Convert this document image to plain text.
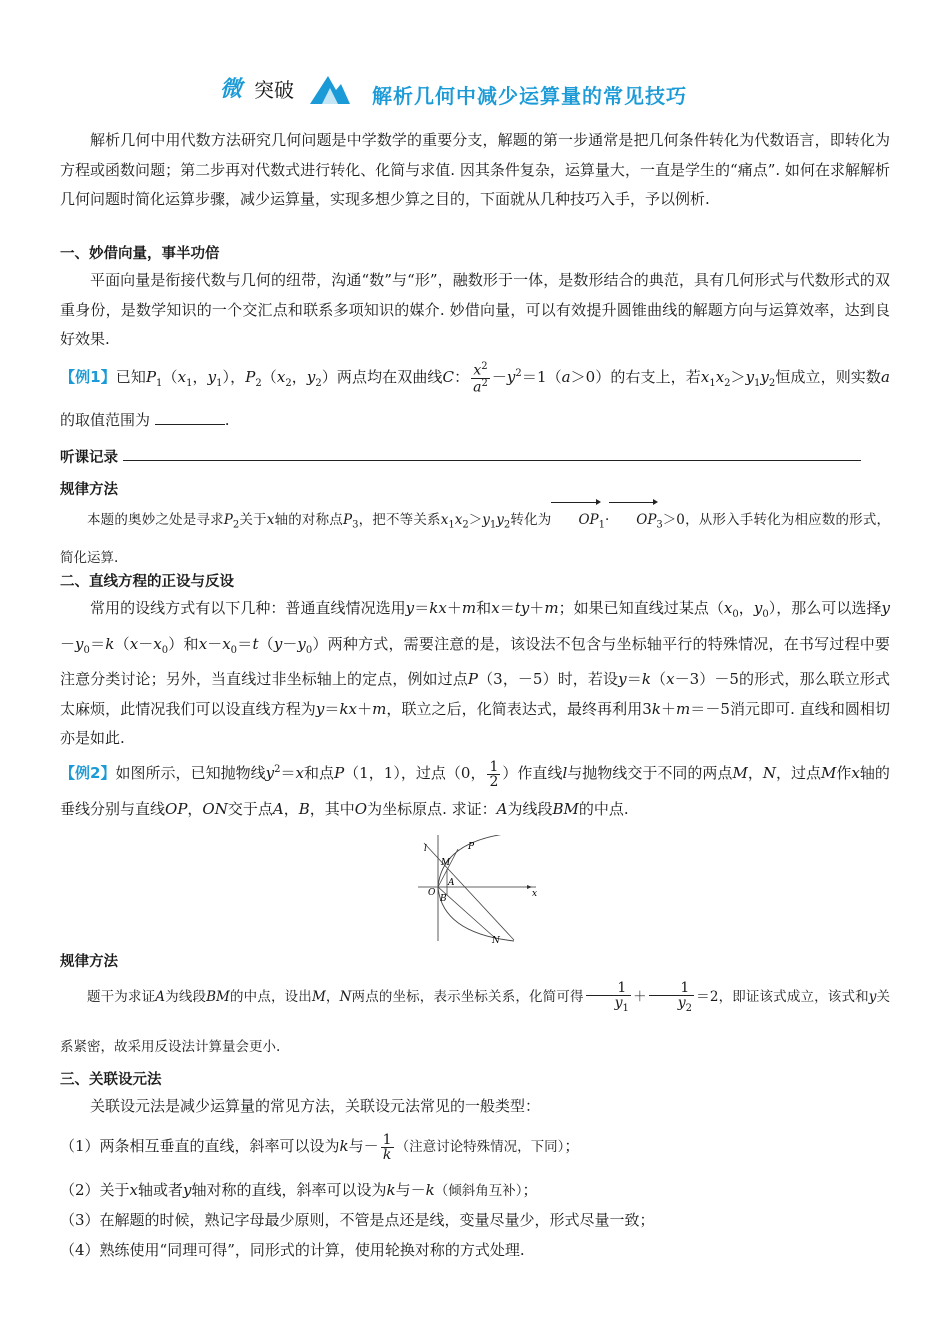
微 突破	解析几何中减少运算量的常见技巧
解析几何中用代数方法研究几何问题是中学数学的重要分支，解题的第一步通常是把几何条件转化为代数语言，即转化为方程或函数问题；第二步再对代数式进行转化、化简与求值. 因其条件复杂，运算量大，一直是学生的“痛点”. 如何在求解解析几何问题时简化运算步骤，减少运算量，实现多想少算之目的，下面就从几种技巧入手，予以例析.
一、妙借向量，事半功倍
平面向量是衔接代数与几何的纽带，沟通“数”与“形”，融数形于一体，是数形结合的典范，具有几何形式与代数形式的双重身份，是数学知识的一个交汇点和联系多项知识的媒介. 妙借向量，可以有效提升圆锥曲线的解题方向与运算效率，达到良好效果.
【例1】已知$P_1(x_1$，$y_1$），$P_2(x_2$，$y_2$）两点均在双曲线C： $\frac{x^2}{a^2} -y^2=1(a>0)$的右支上，若$x_1x_2>y_1y_2$恒成立，则实数a的取值范围为	.
听课记录
规律方法
本题的奥妙之处是寻求$P_2$关于x轴的对称点$P_3$，把不等关系$x_1x_2>y_1y_2$转化为 $OP_1\cdot OP_3>0$，从形入手转化为相应数的形式，简化运算.
二、直线方程的正设与反设
常用的设线方式有以下几种：普通直线情况选用y＝kx＋m和x＝ty＋m；如果已知直线过某点（$x_0$，$y_0$），那么可以选择$y-y_0=k(x-x_0)$和$x-x_0=t(y-y_0)$两种方式，需要注意的是，该设法不包含与坐标轴平行的特殊情况，在书写过程中要注意分类讨论；另外，当直线过非坐标轴上的定点，例如过点P（3，－5）时，若设y＝k（x－3）－5的形式，那么联立形式太麻烦，此情况我们可以设直线方程为y＝kx＋m，联立之后，化简表达式，最终再利用3k＋m＝－5消元即可. 直线和圆相切亦是如此.
【例2】如图所示，已知抛物线$y^2=x$和点P（1，1），过点（0， $\frac{1}{2}$ ）作直线l与抛物线交于不同的两点M，N，过点M作x轴的垂线分别与直线OP，ON交于点A，B，其中O为坐标原点. 求证：A为线段BM的中点.
l
M
P
O
A
B	x
N
规律方法
题干为求证A为线段BM的中点，设出M，N两点的坐标，表示坐标关系，化简可得 $\frac{1}{y_1} + \frac{1}{y_2} =2$，即证该式成立，该式和y关系紧密，故采用反设法计算量会更小.
三、关联设元法
关联设元法是减少运算量的常见方法，关联设元法常见的一般类型：
（1）两条相互垂直的直线，斜率可以设为k与－ $\frac{1}{k}$ （注意讨论特殊情况，下同）；
（2）关于x轴或者y轴对称的直线，斜率可以设为k与－k（倾斜角互补）；
（3）在解题的时候，熟记字母最少原则，不管是点还是线，变量尽量少，形式尽量一致；
（4）熟练使用“同理可得”，同形式的计算，使用轮换对称的方式处理.
